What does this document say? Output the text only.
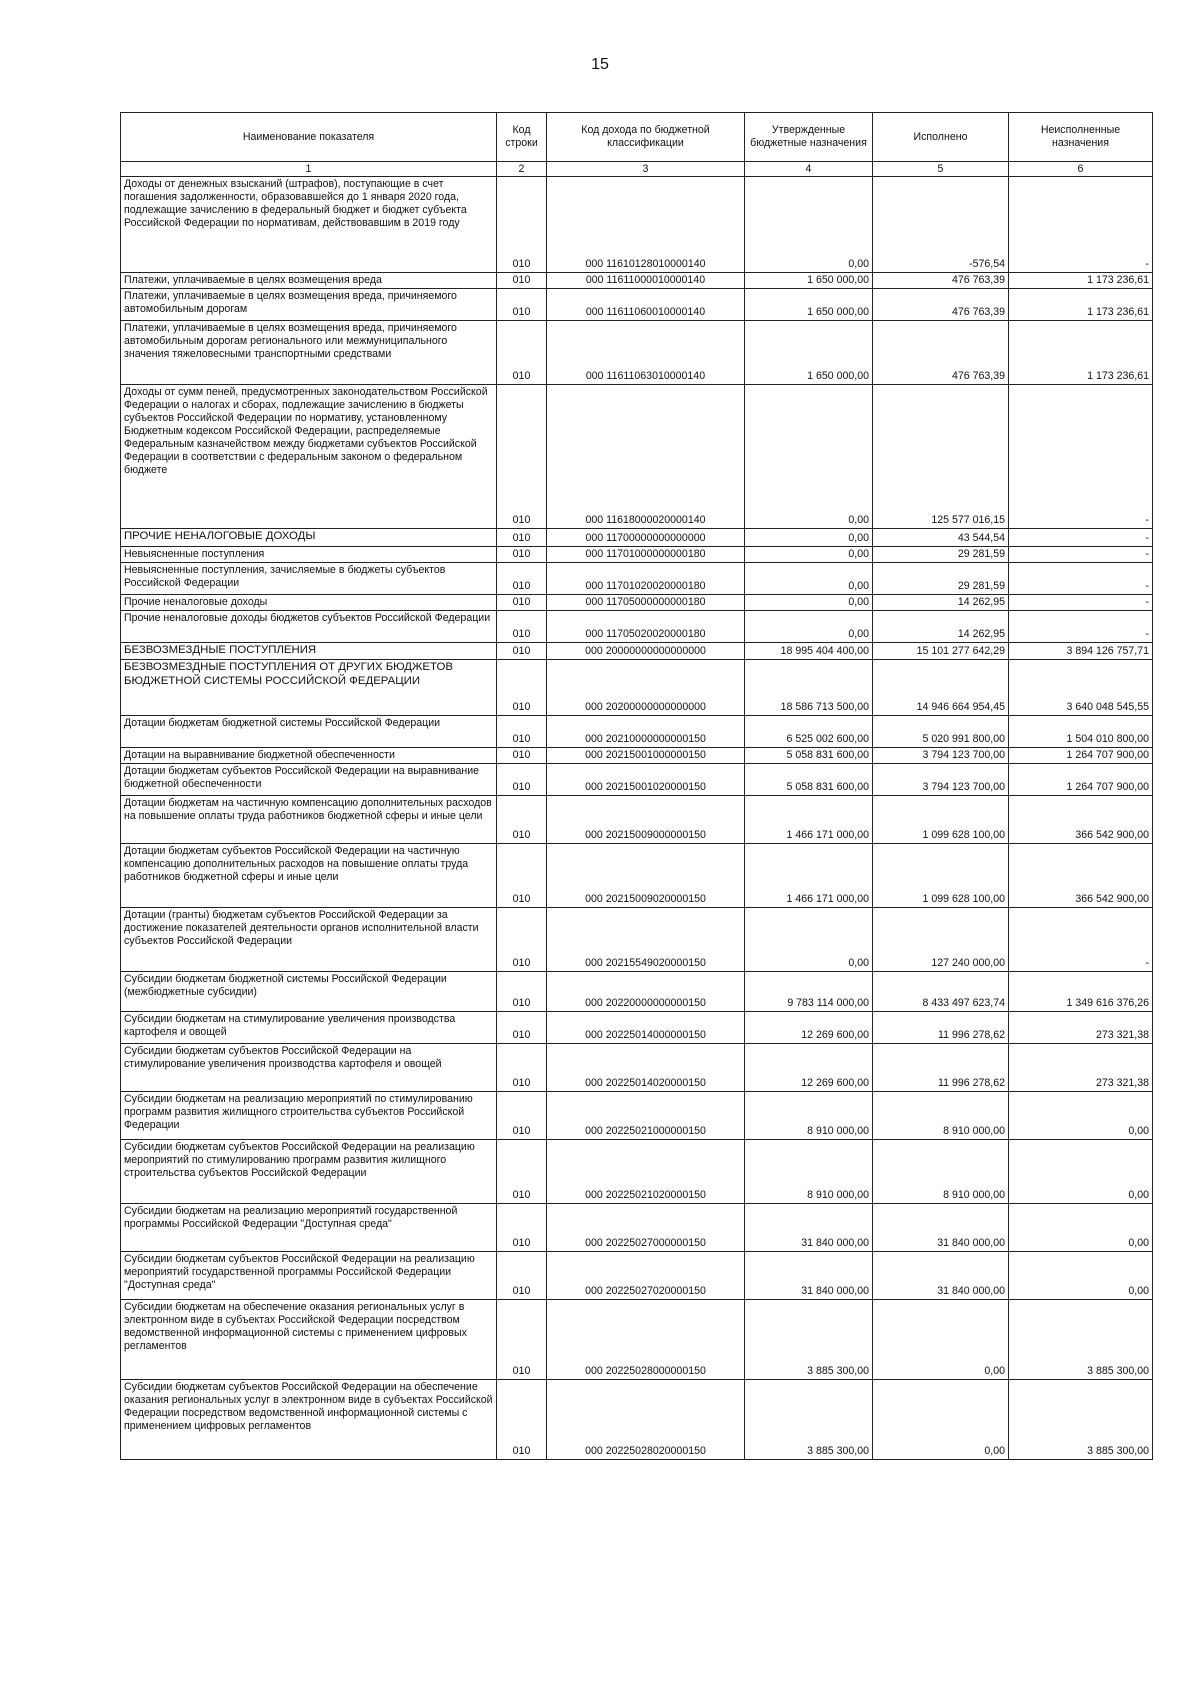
15
Наименование показателя	Код строки	Код дохода по бюджетной классификации	Утвержденные бюджетные назначения	Исполнено	Неисполненные назначения
1	2	3	4	5	6
Доходы от денежных взысканий (штрафов), поступающие в счет погашения задолженности, образовавшейся до 1 января 2020 года, подлежащие зачислению в федеральный бюджет и бюджет субъекта Российской Федерации по нормативам, действовавшим в 2019 году	010	000 11610128010000140	0,00	-576,54	-
Платежи, уплачиваемые в целях возмещения вреда	010	000 11611000010000140	1 650 000,00	476 763,39	1 173 236,61
Платежи, уплачиваемые в целях возмещения вреда, причиняемого автомобильным дорогам	010	000 11611060010000140	1 650 000,00	476 763,39	1 173 236,61
Платежи, уплачиваемые в целях возмещения вреда, причиняемого автомобильным дорогам регионального или межмуниципального значения тяжеловесными транспортными средствами	010	000 11611063010000140	1 650 000,00	476 763,39	1 173 236,61
Доходы от сумм пеней, предусмотренных законодательством Российской Федерации о налогах и сборах, подлежащие зачислению в бюджеты субъектов Российской Федерации по нормативу, установленному Бюджетным кодексом Российской Федерации, распределяемые Федеральным казначейством между бюджетами субъектов Российской Федерации в соответствии с федеральным законом о федеральном бюджете	010	000 11618000020000140	0,00	125 577 016,15	-
ПРОЧИЕ НЕНАЛОГОВЫЕ ДОХОДЫ	010	000 11700000000000000	0,00	43 544,54	-
Невыясненные поступления	010	000 11701000000000180	0,00	29 281,59	-
Невыясненные поступления, зачисляемые в бюджеты субъектов Российской Федерации	010	000 11701020020000180	0,00	29 281,59	-
Прочие неналоговые доходы	010	000 11705000000000180	0,00	14 262,95	-
Прочие неналоговые доходы бюджетов субъектов Российской Федерации	010	000 11705020020000180	0,00	14 262,95	-
БЕЗВОЗМЕЗДНЫЕ ПОСТУПЛЕНИЯ	010	000 20000000000000000	18 995 404 400,00	15 101 277 642,29	3 894 126 757,71
БЕЗВОЗМЕЗДНЫЕ ПОСТУПЛЕНИЯ ОТ ДРУГИХ БЮДЖЕТОВ БЮДЖЕТНОЙ СИСТЕМЫ РОССИЙСКОЙ ФЕДЕРАЦИИ	010	000 20200000000000000	18 586 713 500,00	14 946 664 954,45	3 640 048 545,55
Дотации бюджетам бюджетной системы Российской Федерации	010	000 20210000000000150	6 525 002 600,00	5 020 991 800,00	1 504 010 800,00
Дотации на выравнивание бюджетной обеспеченности	010	000 20215001000000150	5 058 831 600,00	3 794 123 700,00	1 264 707 900,00
Дотации бюджетам субъектов Российской Федерации на выравнивание бюджетной обеспеченности	010	000 20215001020000150	5 058 831 600,00	3 794 123 700,00	1 264 707 900,00
Дотации бюджетам на частичную компенсацию дополнительных расходов на повышение оплаты труда работников бюджетной сферы и иные цели	010	000 20215009000000150	1 466 171 000,00	1 099 628 100,00	366 542 900,00
Дотации бюджетам субъектов Российской Федерации на частичную компенсацию дополнительных расходов на повышение оплаты труда работников бюджетной сферы и иные цели	010	000 20215009020000150	1 466 171 000,00	1 099 628 100,00	366 542 900,00
Дотации (гранты) бюджетам субъектов Российской Федерации за достижение показателей деятельности органов исполнительной власти субъектов Российской Федерации	010	000 20215549020000150	0,00	127 240 000,00	-
Субсидии бюджетам бюджетной системы Российской Федерации (межбюджетные субсидии)	010	000 20220000000000150	9 783 114 000,00	8 433 497 623,74	1 349 616 376,26
Субсидии бюджетам на стимулирование увеличения производства картофеля и овощей	010	000 20225014000000150	12 269 600,00	11 996 278,62	273 321,38
Субсидии бюджетам субъектов Российской Федерации на стимулирование увеличения производства картофеля и овощей	010	000 20225014020000150	12 269 600,00	11 996 278,62	273 321,38
Субсидии бюджетам на реализацию мероприятий по стимулированию программ развития жилищного строительства субъектов Российской Федерации	010	000 20225021000000150	8 910 000,00	8 910 000,00	0,00
Субсидии бюджетам субъектов Российской Федерации на реализацию мероприятий по стимулированию программ развития жилищного строительства субъектов Российской Федерации	010	000 20225021020000150	8 910 000,00	8 910 000,00	0,00
Субсидии бюджетам на реализацию мероприятий государственной программы Российской Федерации "Доступная среда"	010	000 20225027000000150	31 840 000,00	31 840 000,00	0,00
Субсидии бюджетам субъектов Российской Федерации на реализацию мероприятий государственной программы Российской Федерации "Доступная среда"	010	000 20225027020000150	31 840 000,00	31 840 000,00	0,00
Субсидии бюджетам на обеспечение оказания региональных услуг в электронном виде в субъектах Российской Федерации посредством ведомственной информационной системы с применением цифровых регламентов	010	000 20225028000000150	3 885 300,00	0,00	3 885 300,00
Субсидии бюджетам субъектов Российской Федерации на обеспечение оказания региональных услуг в электронном виде в субъектах Российской Федерации посредством ведомственной информационной системы с применением цифровых регламентов	010	000 20225028020000150	3 885 300,00	0,00	3 885 300,00
